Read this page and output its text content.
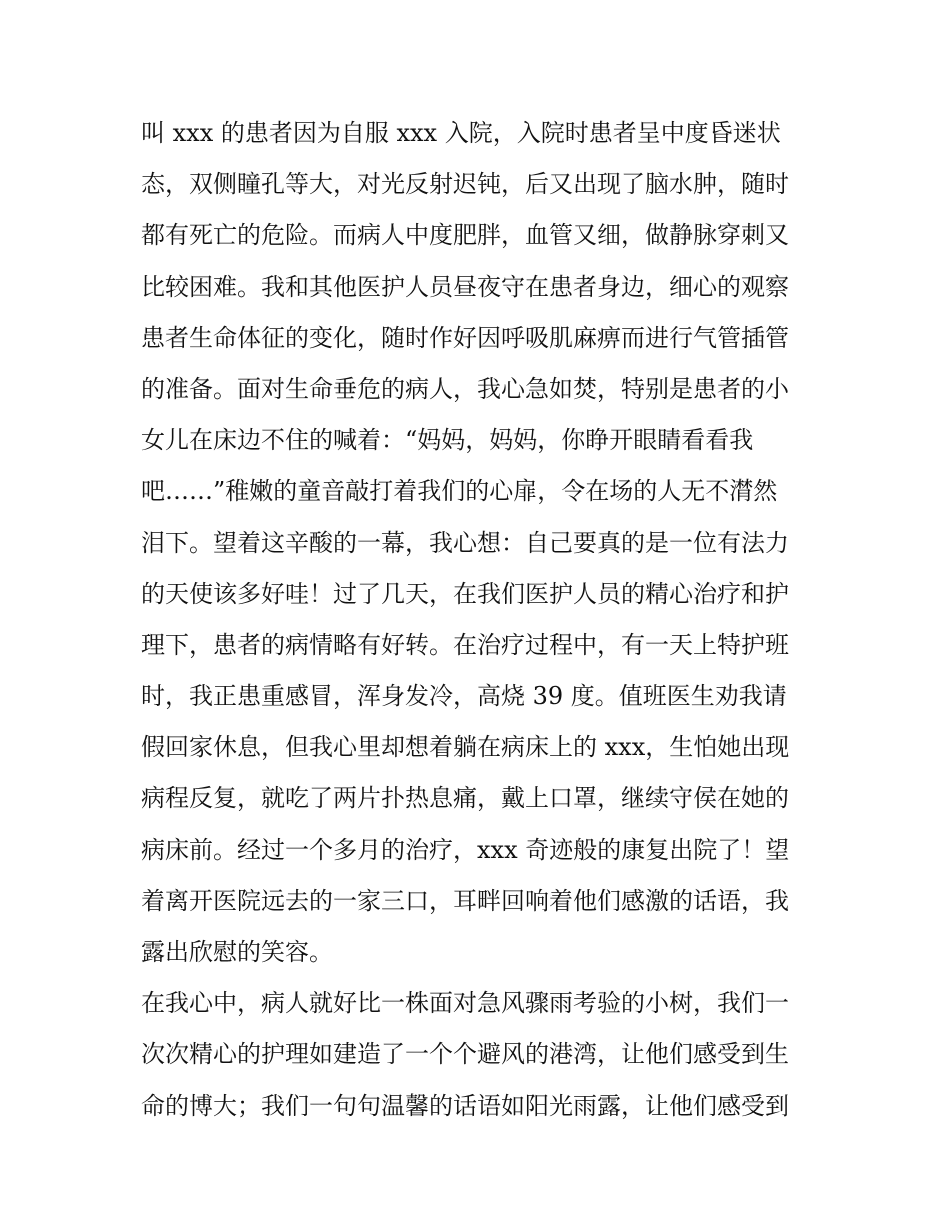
叫 xxx 的患者因为自服 xxx 入院，入院时患者呈中度昏迷状
态，双侧瞳孔等大，对光反射迟钝，后又出现了脑水肿，随时
都有死亡的危险。而病人中度肥胖，血管又细，做静脉穿刺又
比较困难。我和其他医护人员昼夜守在患者身边，细心的观察
患者生命体征的变化，随时作好因呼吸肌麻痹而进行气管插管
的准备。面对生命垂危的病人，我心急如焚，特别是患者的小
女儿在床边不住的喊着：“妈妈，妈妈，你睁开眼睛看看我
吧……”稚嫩的童音敲打着我们的心扉，令在场的人无不潸然
泪下。望着这辛酸的一幕，我心想：自己要真的是一位有法力
的天使该多好哇！过了几天，在我们医护人员的精心治疗和护
理下，患者的病情略有好转。在治疗过程中，有一天上特护班
时，我正患重感冒，浑身发冷，高烧 39 度。值班医生劝我请
假回家休息，但我心里却想着躺在病床上的 xxx，生怕她出现
病程反复，就吃了两片扑热息痛，戴上口罩，继续守侯在她的
病床前。经过一个多月的治疗，xxx 奇迹般的康复出院了！望
着离开医院远去的一家三口，耳畔回响着他们感激的话语，我
露出欣慰的笑容。
在我心中，病人就好比一株面对急风骤雨考验的小树，我们一
次次精心的护理如建造了一个个避风的港湾，让他们感受到生
命的博大；我们一句句温馨的话语如阳光雨露，让他们感受到
